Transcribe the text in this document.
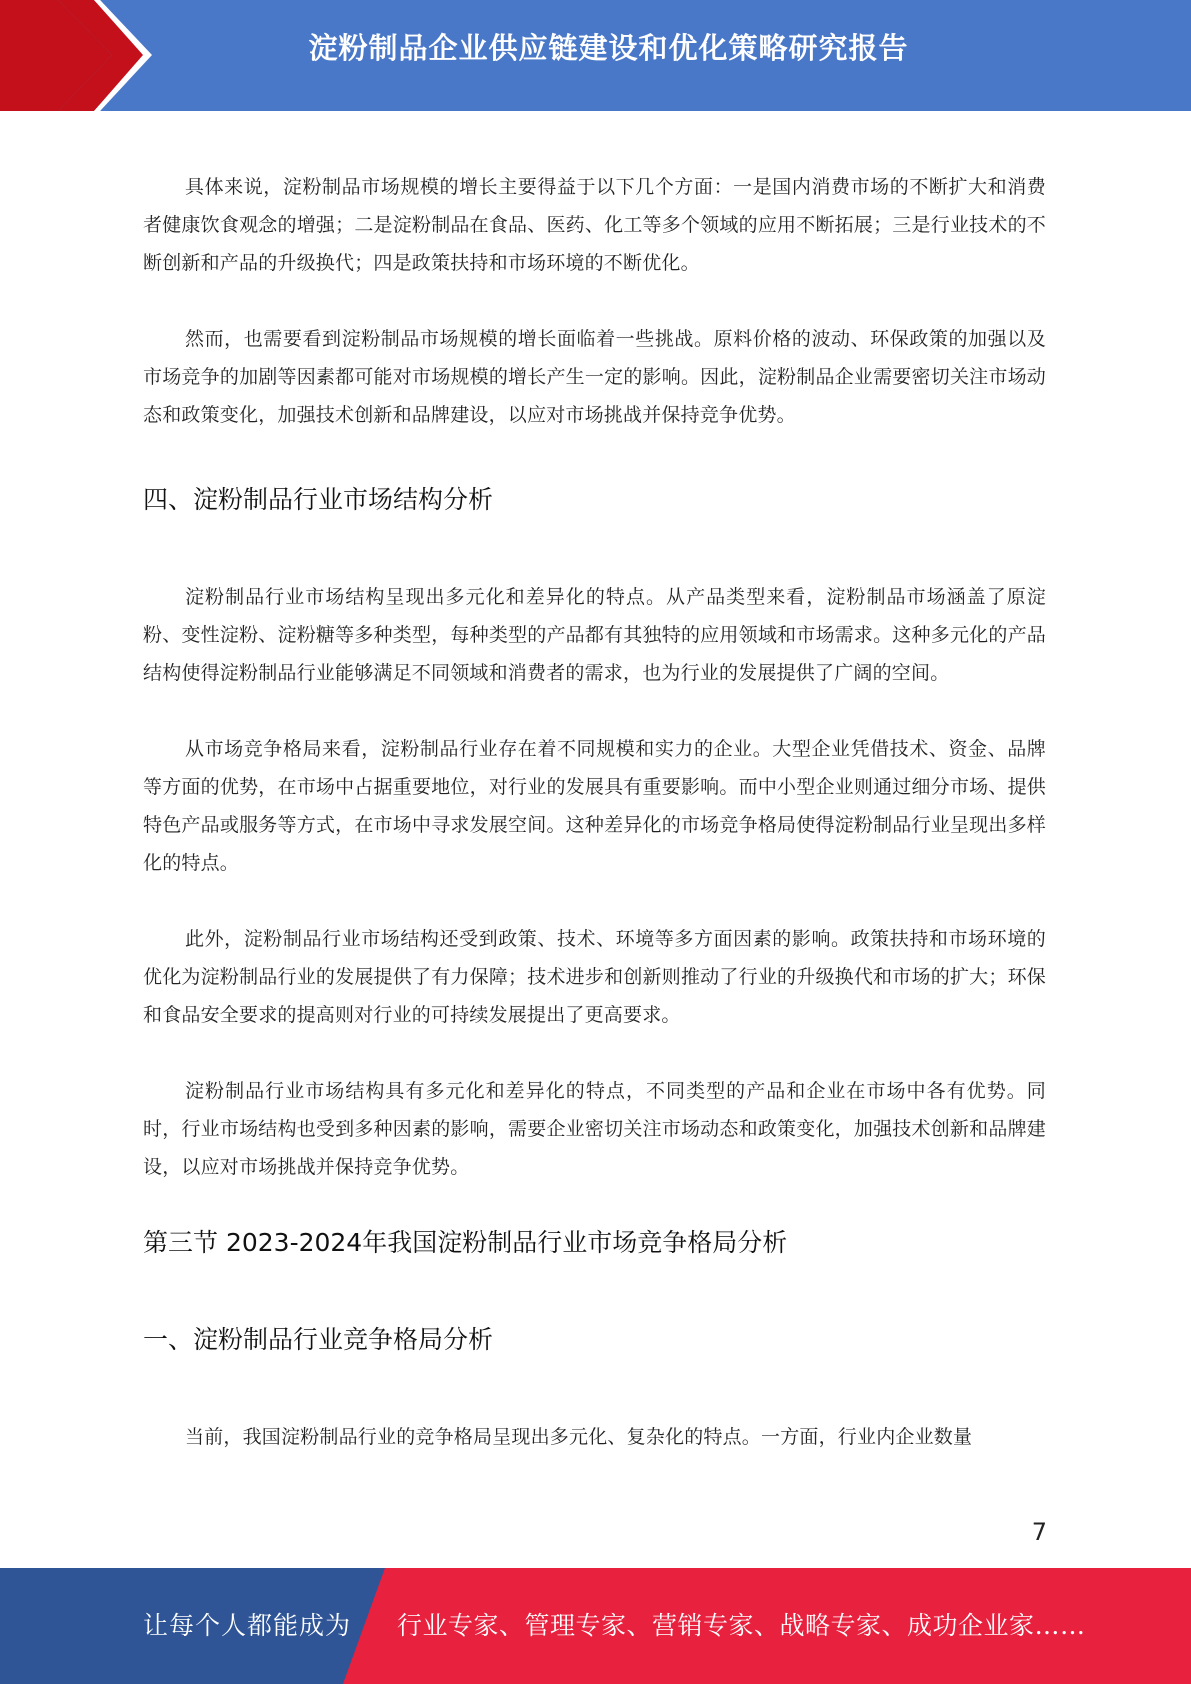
淀粉制品企业供应链建设和优化策略研究报告

具体来说，淀粉制品市场规模的增长主要得益于以下几个方面：一是国内消费市场的不断扩大和消费者健康饮食观念的增强；二是淀粉制品在食品、医药、化工等多个领域的应用不断拓展；三是行业技术的不断创新和产品的升级换代；四是政策扶持和市场环境的不断优化。

然而，也需要看到淀粉制品市场规模的增长面临着一些挑战。原料价格的波动、环保政策的加强以及市场竞争的加剧等因素都可能对市场规模的增长产生一定的影响。因此，淀粉制品企业需要密切关注市场动态和政策变化，加强技术创新和品牌建设，以应对市场挑战并保持竞争优势。

四、淀粉制品行业市场结构分析

淀粉制品行业市场结构呈现出多元化和差异化的特点。从产品类型来看，淀粉制品市场涵盖了原淀粉、变性淀粉、淀粉糖等多种类型，每种类型的产品都有其独特的应用领域和市场需求。这种多元化的产品结构使得淀粉制品行业能够满足不同领域和消费者的需求，也为行业的发展提供了广阔的空间。

从市场竞争格局来看，淀粉制品行业存在着不同规模和实力的企业。大型企业凭借技术、资金、品牌等方面的优势，在市场中占据重要地位，对行业的发展具有重要影响。而中小型企业则通过细分市场、提供特色产品或服务等方式，在市场中寻求发展空间。这种差异化的市场竞争格局使得淀粉制品行业呈现出多样化的特点。

此外，淀粉制品行业市场结构还受到政策、技术、环境等多方面因素的影响。政策扶持和市场环境的优化为淀粉制品行业的发展提供了有力保障；技术进步和创新则推动了行业的升级换代和市场的扩大；环保和食品安全要求的提高则对行业的可持续发展提出了更高要求。

淀粉制品行业市场结构具有多元化和差异化的特点，不同类型的产品和企业在市场中各有优势。同时，行业市场结构也受到多种因素的影响，需要企业密切关注市场动态和政策变化，加强技术创新和品牌建设，以应对市场挑战并保持竞争优势。

第三节 2023-2024年我国淀粉制品行业市场竞争格局分析
一、淀粉制品行业竞争格局分析

当前，我国淀粉制品行业的竞争格局呈现出多元化、复杂化的特点。一方面，行业内企业数量

7
让每个人都能成为 行业专家、管理专家、营销专家、战略专家、成功企业家……
